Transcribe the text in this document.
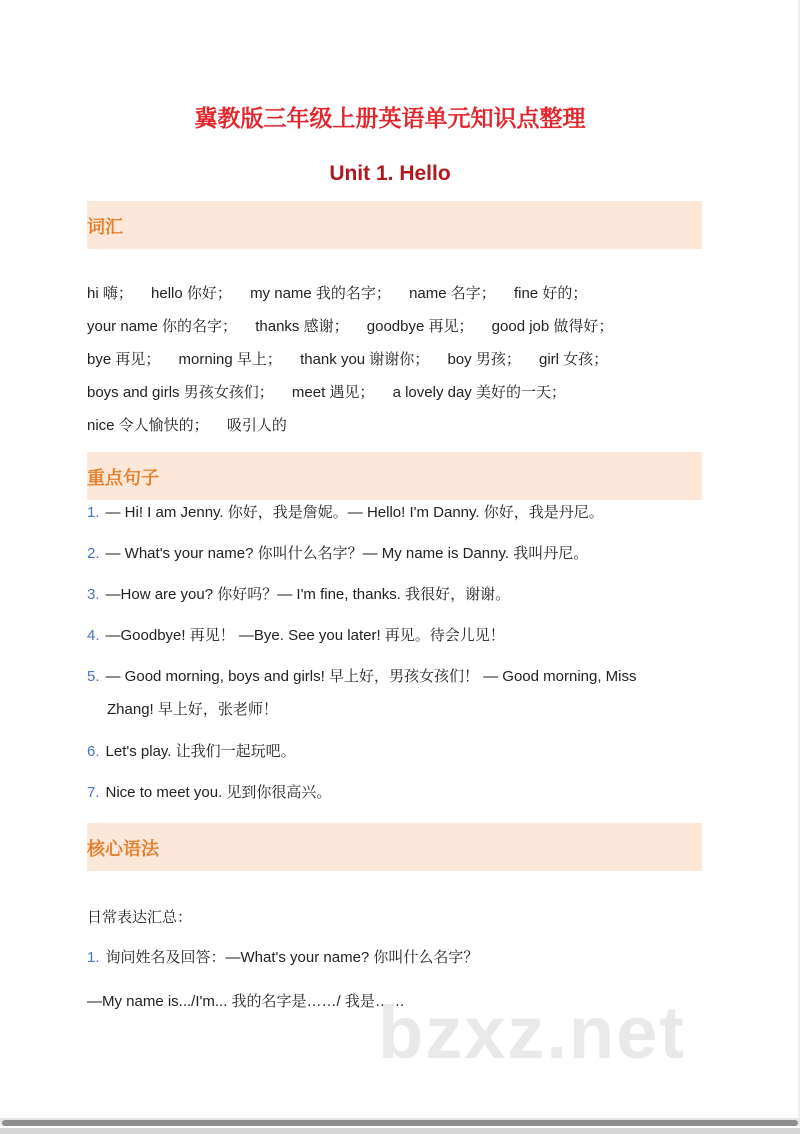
冀教版三年级上册英语单元知识点整理
Unit 1. Hello
词汇
hi 嗨； hello 你好； my name 我的名字； name 名字； fine 好的； your name 你的名字； thanks 感谢； goodbye 再见； good job 做得好； bye 再见； morning 早上； thank you 谢谢你； boy 男孩； girl 女孩； boys and girls 男孩女孩们； meet 遇见； a lovely day 美好的一天； nice 令人愉快的； 吸引人的
重点句子
1. — Hi! I am Jenny. 你好，我是詹妮。— Hello! I'm Danny. 你好，我是丹尼。
2. — What's your name? 你叫什么名字？— My name is Danny. 我叫丹尼。
3. —How are you? 你好吗？— I'm fine, thanks. 我很好，谢谢。
4. —Goodbye! 再见！ —Bye. See you later! 再见。待会儿见！
5. — Good morning, boys and girls! 早上好，男孩女孩们！ — Good morning, Miss
Zhang! 早上好，张老师！
6. Let's play. 让我们一起玩吧。
7. Nice to meet you. 见到你很高兴。
核心语法
日常表达汇总：
1. 询问姓名及回答：—What's your name? 你叫什么名字？
—My name is.../I'm... 我的名字是……/ 我是……
bzxz.net
